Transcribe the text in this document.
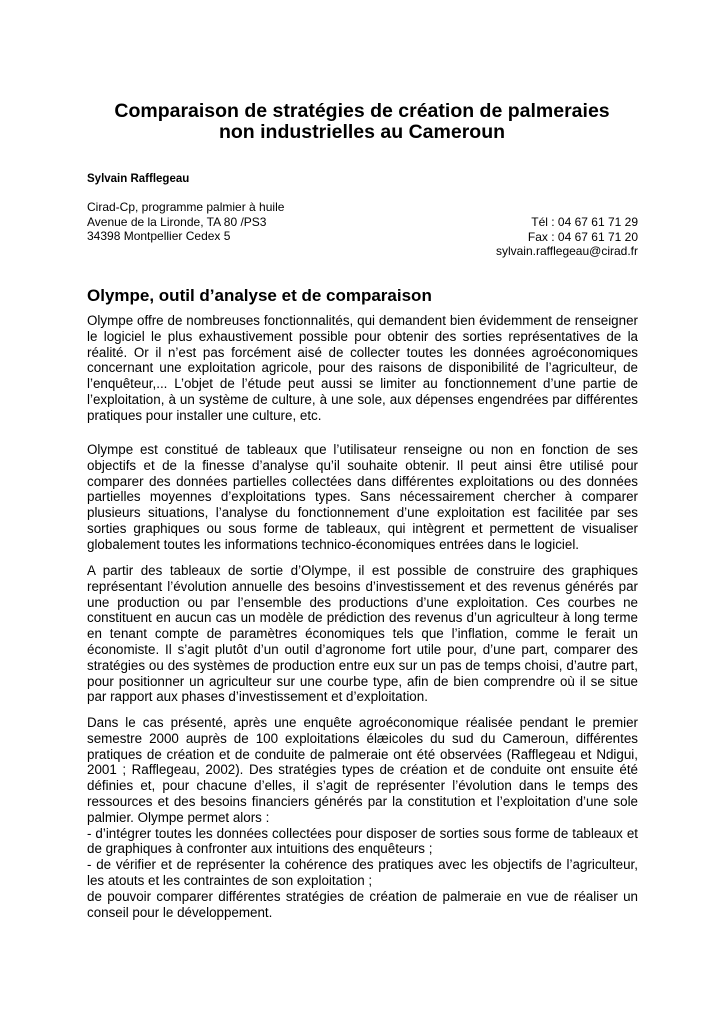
Comparaison de stratégies de création de palmeraies
non industrielles au Cameroun
Sylvain Rafflegeau
Cirad-Cp, programme palmier à huile
Avenue de la Lironde, TA 80 /PS3
34398 Montpellier Cedex 5
Tél : 04 67 61 71 29
Fax : 04 67 61 71 20
sylvain.rafflegeau@cirad.fr
Olympe, outil d’analyse et de comparaison
Olympe offre de nombreuses fonctionnalités, qui demandent bien évidemment de renseigner
le logiciel le plus exhaustivement possible pour obtenir des sorties représentatives de la
réalité. Or il n’est pas forcément aisé de collecter toutes les données agroéconomiques
concernant une exploitation agricole, pour des raisons de disponibilité de l’agriculteur, de
l’enquêteur,... L’objet de l’étude peut aussi se limiter au fonctionnement d’une partie de
l’exploitation, à un système de culture, à une sole, aux dépenses engendrées par différentes
pratiques pour installer une culture, etc.
Olympe est constitué de tableaux que l’utilisateur renseigne ou non en fonction de ses
objectifs et de la finesse d’analyse qu’il souhaite obtenir. Il peut ainsi être utilisé pour
comparer des données partielles collectées dans différentes exploitations ou des données
partielles moyennes d’exploitations types. Sans nécessairement chercher à comparer
plusieurs situations, l’analyse du fonctionnement d’une exploitation est facilitée par ses
sorties graphiques ou sous forme de tableaux, qui intègrent et permettent de visualiser
globalement toutes les informations technico-économiques entrées dans le logiciel.
A partir des tableaux de sortie d’Olympe, il est possible de construire des graphiques
représentant l’évolution annuelle des besoins d’investissement et des revenus générés par
une production ou par l’ensemble des productions d’une exploitation. Ces courbes ne
constituent en aucun cas un modèle de prédiction des revenus d’un agriculteur à long terme
en tenant compte de paramètres économiques tels que l’inflation, comme le ferait un
économiste. Il s’agit plutôt d’un outil d’agronome fort utile pour, d’une part, comparer des
stratégies ou des systèmes de production entre eux sur un pas de temps choisi, d’autre part,
pour positionner un agriculteur sur une courbe type, afin de bien comprendre où il se situe
par rapport aux phases d’investissement et d’exploitation.
Dans le cas présenté, après une enquête agroéconomique réalisée pendant le premier
semestre 2000 auprès de 100 exploitations élæicoles du sud du Cameroun, différentes
pratiques de création et de conduite de palmeraie ont été observées (Rafflegeau et Ndigui,
2001 ; Rafflegeau, 2002). Des stratégies types de création et de conduite ont ensuite été
définies et, pour chacune d’elles, il s’agit de représenter l’évolution dans le temps des
ressources et des besoins financiers générés par la constitution et l’exploitation d’une sole
palmier. Olympe permet alors :
- d’intégrer toutes les données collectées pour disposer de sorties sous forme de tableaux et
de graphiques à confronter aux intuitions des enquêteurs ;
- de vérifier et de représenter la cohérence des pratiques avec les objectifs de l’agriculteur,
les atouts et les contraintes de son exploitation ;
de pouvoir comparer différentes stratégies de création de palmeraie en vue de réaliser un
conseil pour le développement.
